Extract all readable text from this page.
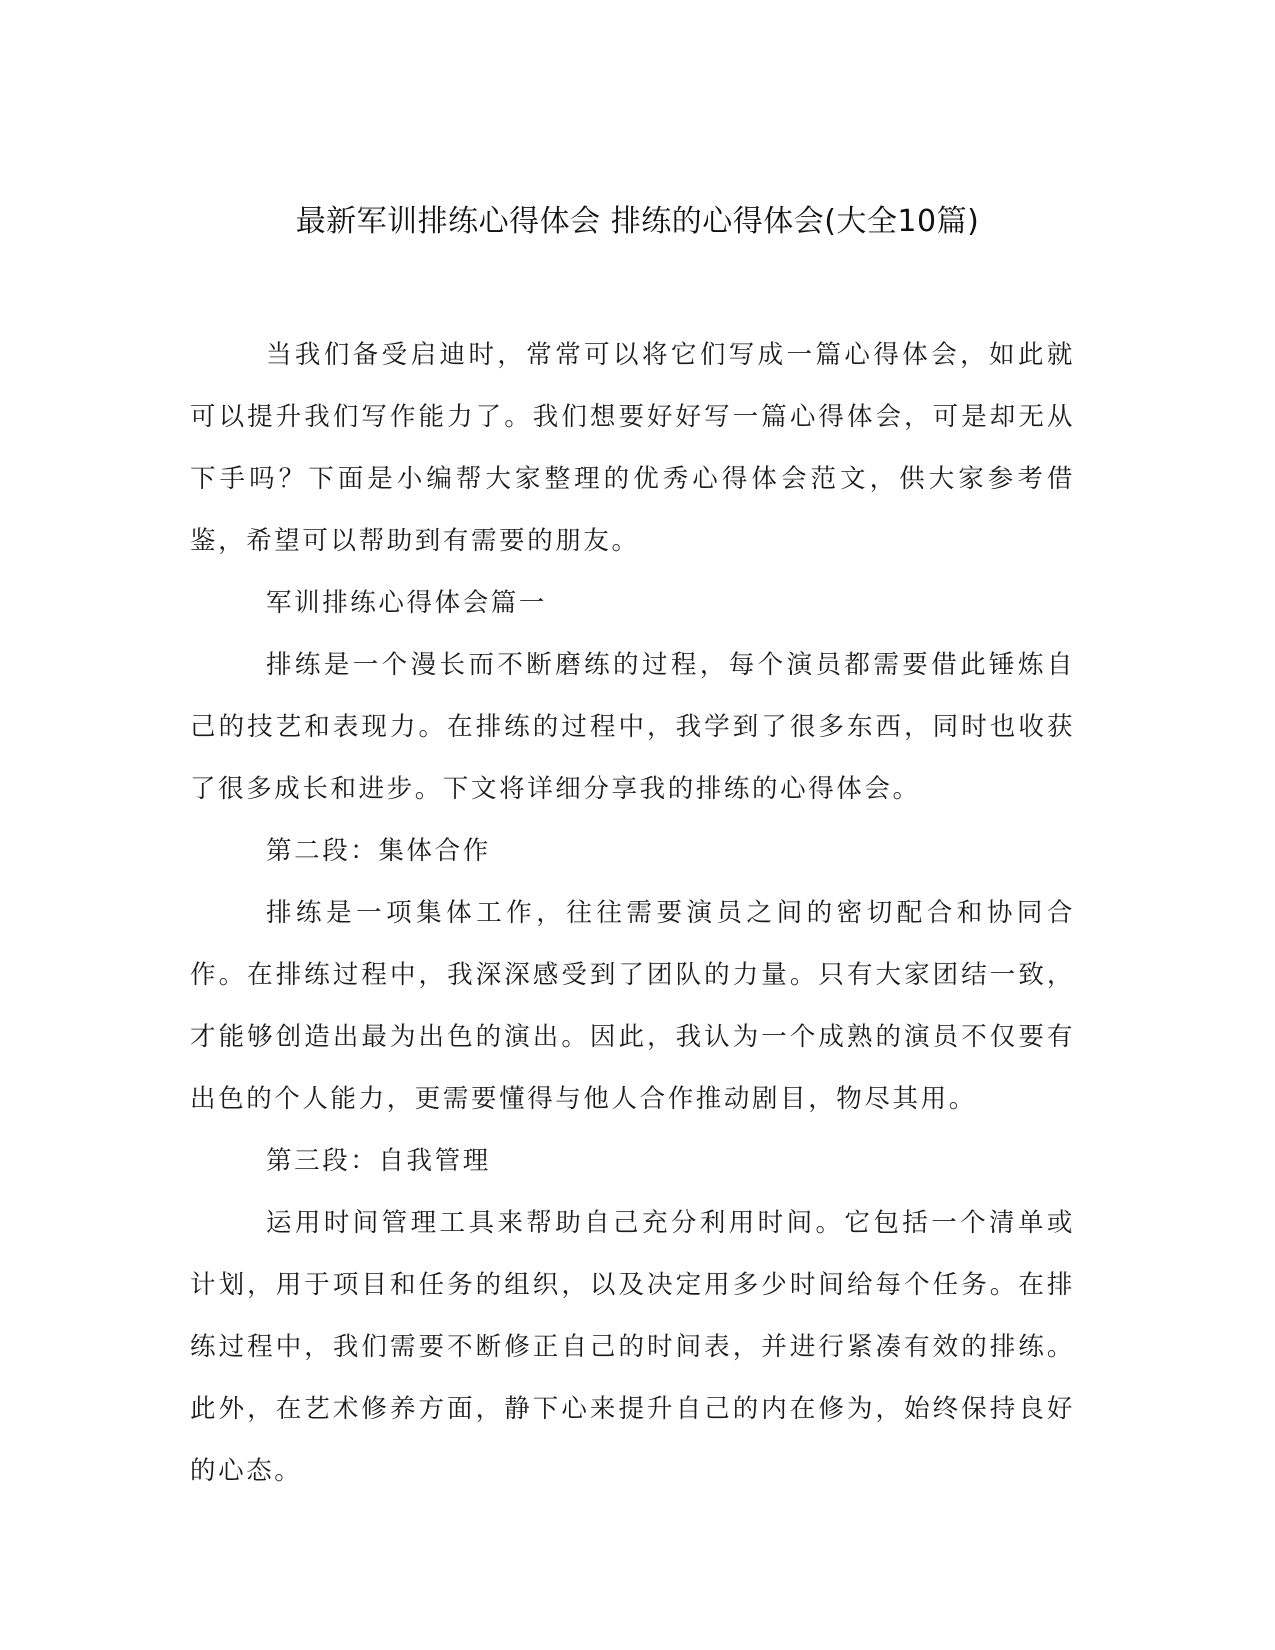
最新军训排练心得体会 排练的心得体会(大全10篇)

当我们备受启迪时，常常可以将它们写成一篇心得体会，如此就可以提升我们写作能力了。我们想要好好写一篇心得体会，可是却无从下手吗？下面是小编帮大家整理的优秀心得体会范文，供大家参考借鉴，希望可以帮助到有需要的朋友。

军训排练心得体会篇一

排练是一个漫长而不断磨练的过程，每个演员都需要借此锤炼自己的技艺和表现力。在排练的过程中，我学到了很多东西，同时也收获了很多成长和进步。下文将详细分享我的排练的心得体会。

第二段：集体合作

排练是一项集体工作，往往需要演员之间的密切配合和协同合作。在排练过程中，我深深感受到了团队的力量。只有大家团结一致，才能够创造出最为出色的演出。因此，我认为一个成熟的演员不仅要有出色的个人能力，更需要懂得与他人合作推动剧目，物尽其用。

第三段：自我管理

运用时间管理工具来帮助自己充分利用时间。它包括一个清单或计划，用于项目和任务的组织，以及决定用多少时间给每个任务。在排练过程中，我们需要不断修正自己的时间表，并进行紧凑有效的排练。此外，在艺术修养方面，静下心来提升自己的内在修为，始终保持良好的心态。
